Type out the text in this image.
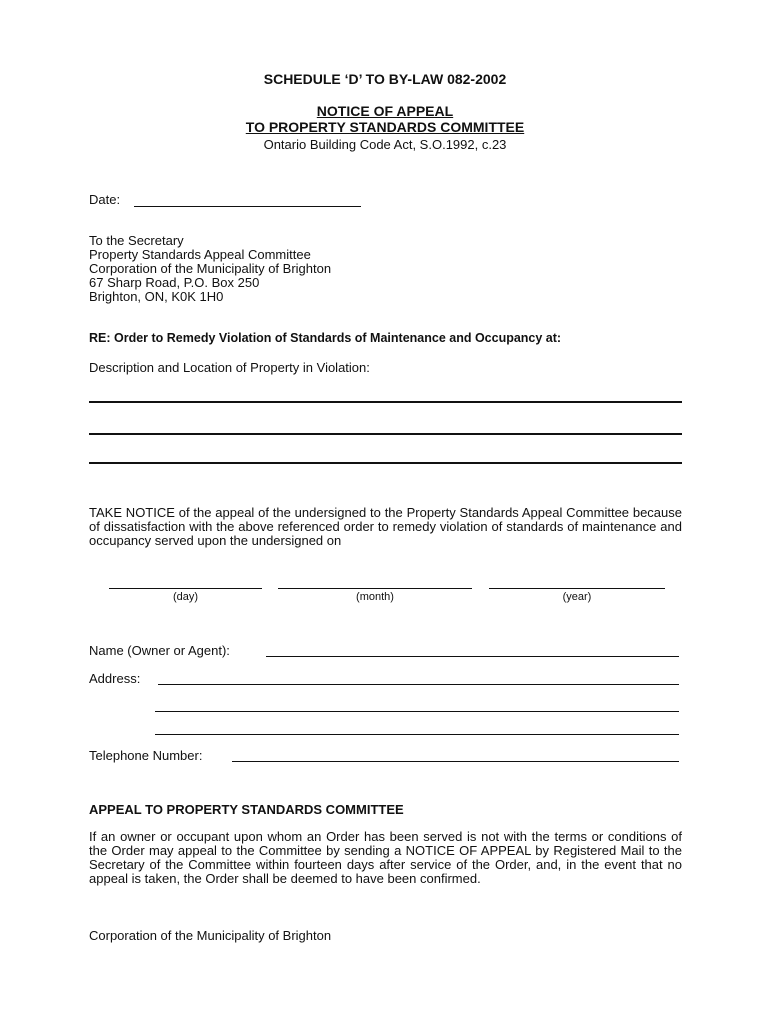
SCHEDULE ‘D’ TO BY-LAW 082-2002
NOTICE OF APPEAL
TO PROPERTY STANDARDS COMMITTEE
Ontario Building Code Act, S.O.1992, c.23
Date:
To the Secretary
Property Standards Appeal Committee
Corporation of the Municipality of Brighton
67 Sharp Road, P.O. Box 250
Brighton, ON, K0K 1H0
RE: Order to Remedy Violation of Standards of Maintenance and Occupancy at:
Description and Location of Property in Violation:
TAKE NOTICE of the appeal of the undersigned to the Property Standards Appeal Committee because of dissatisfaction with the above referenced order to remedy violation of standards of maintenance and occupancy served upon the undersigned on
(day)	(month)	(year)
Name (Owner or Agent):
Address:
Telephone Number:
APPEAL TO PROPERTY STANDARDS COMMITTEE
If an owner or occupant upon whom an Order has been served is not with the terms or conditions of the Order may appeal to the Committee by sending a NOTICE OF APPEAL by Registered Mail to the Secretary of the Committee within fourteen days after service of the Order, and, in the event that no appeal is taken, the Order shall be deemed to have been confirmed.
Corporation of the Municipality of Brighton
